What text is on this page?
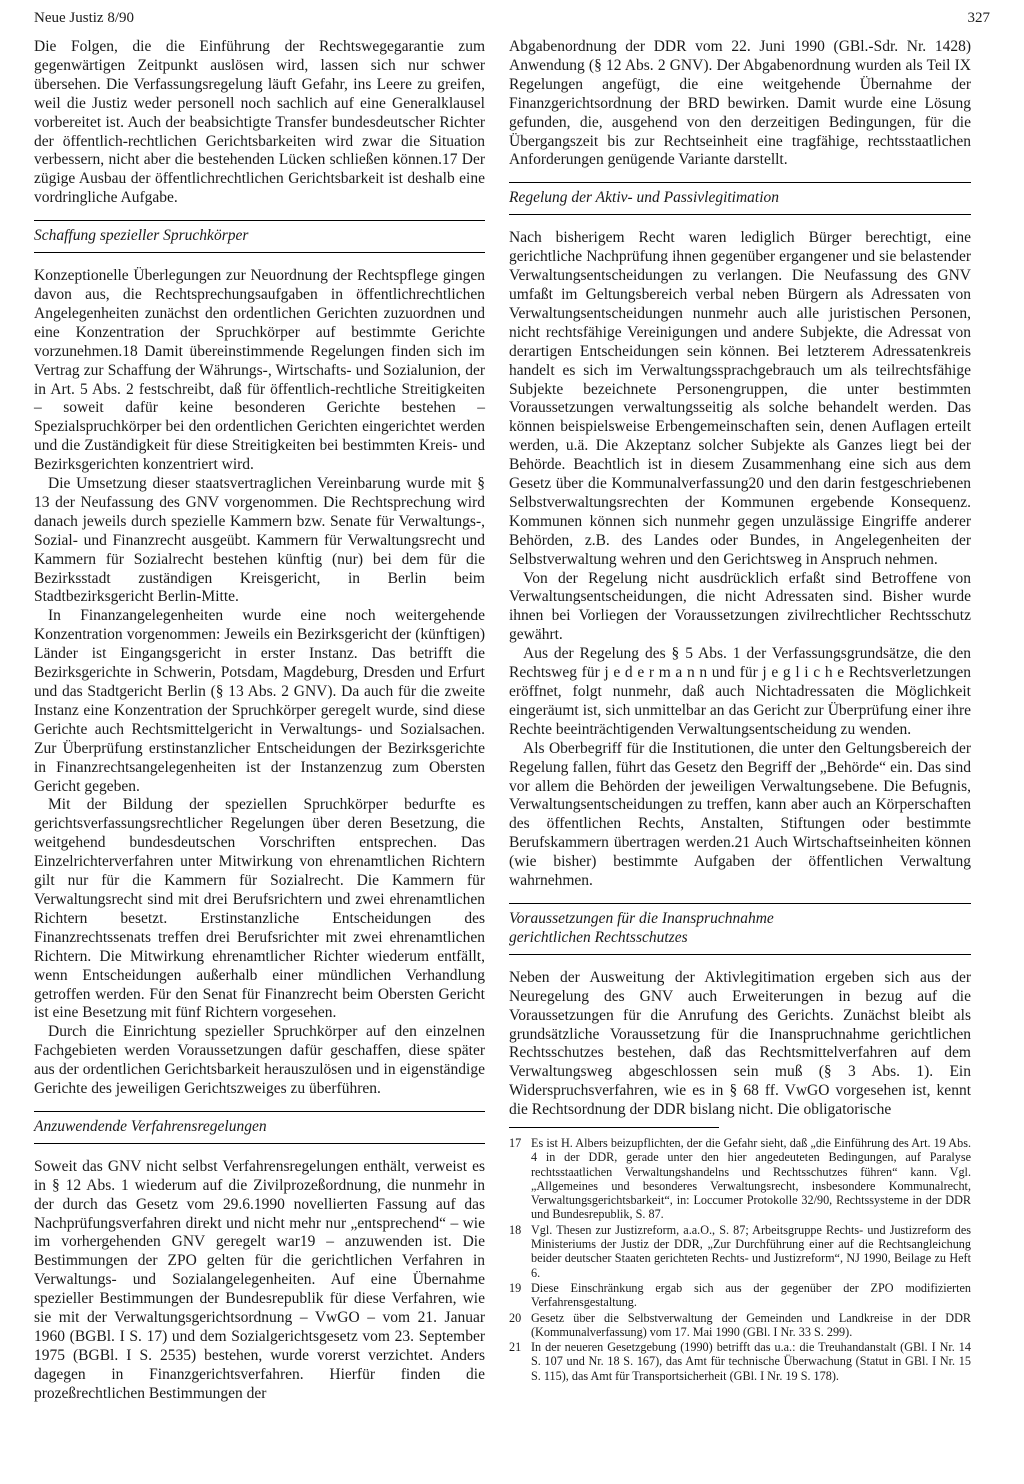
Neue Justiz 8/90	327

Die Folgen, die die Einführung der Rechtswegegarantie zum gegenwärtigen Zeitpunkt auslösen wird, lassen sich nur schwer übersehen. Die Verfassungsregelung läuft Gefahr, ins Leere zu greifen, weil die Justiz weder personell noch sachlich auf eine Generalklausel vorbereitet ist. Auch der beabsichtigte Transfer bundesdeutscher Richter der öffentlich-rechtlichen Gerichtsbarkeiten wird zwar die Situation verbessern, nicht aber die bestehenden Lücken schließen können.17 Der zügige Ausbau der öffentlichrechtlichen Gerichtsbarkeit ist deshalb eine vordringliche Aufgabe.

Schaffung spezieller Spruchkörper

Konzeptionelle Überlegungen zur Neuordnung der Rechtspflege gingen davon aus, die Rechtsprechungsaufgaben in öffentlichrechtlichen Angelegenheiten zunächst den ordentlichen Gerichten zuzuordnen und eine Konzentration der Spruchkörper auf bestimmte Gerichte vorzunehmen.18 Damit übereinstimmende Regelungen finden sich im Vertrag zur Schaffung der Währungs-, Wirtschafts- und Sozialunion, der in Art. 5 Abs. 2 festschreibt, daß für öffentlich-rechtliche Streitigkeiten – soweit dafür keine besonderen Gerichte bestehen – Spezialspruchkörper bei den ordentlichen Gerichten eingerichtet werden und die Zuständigkeit für diese Streitigkeiten bei bestimmten Kreis- und Bezirksgerichten konzentriert wird.

Die Umsetzung dieser staatsvertraglichen Vereinbarung wurde mit § 13 der Neufassung des GNV vorgenommen. Die Rechtsprechung wird danach jeweils durch spezielle Kammern bzw. Senate für Verwaltungs-, Sozial- und Finanzrecht ausgeübt. Kammern für Verwaltungsrecht und Kammern für Sozialrecht bestehen künftig (nur) bei dem für die Bezirksstadt zuständigen Kreisgericht, in Berlin beim Stadtbezirksgericht Berlin-Mitte.

In Finanzangelegenheiten wurde eine noch weitergehende Konzentration vorgenommen: Jeweils ein Bezirksgericht der (künftigen) Länder ist Eingangsgericht in erster Instanz. Das betrifft die Bezirksgerichte in Schwerin, Potsdam, Magdeburg, Dresden und Erfurt und das Stadtgericht Berlin (§ 13 Abs. 2 GNV). Da auch für die zweite Instanz eine Konzentration der Spruchkörper geregelt wurde, sind diese Gerichte auch Rechtsmittelgericht in Verwaltungs- und Sozialsachen. Zur Überprüfung erstinstanzlicher Entscheidungen der Bezirksgerichte in Finanzrechtsangelegenheiten ist der Instanzenzug zum Obersten Gericht gegeben.

Mit der Bildung der speziellen Spruchkörper bedurfte es gerichtsverfassungsrechtlicher Regelungen über deren Besetzung, die weitgehend bundesdeutschen Vorschriften entsprechen. Das Einzelrichterverfahren unter Mitwirkung von ehrenamtlichen Richtern gilt nur für die Kammern für Sozialrecht. Die Kammern für Verwaltungsrecht sind mit drei Berufsrichtern und zwei ehrenamtlichen Richtern besetzt. Erstinstanzliche Entscheidungen des Finanzrechtssenats treffen drei Berufsrichter mit zwei ehrenamtlichen Richtern. Die Mitwirkung ehrenamtlicher Richter wiederum entfällt, wenn Entscheidungen außerhalb einer mündlichen Verhandlung getroffen werden. Für den Senat für Finanzrecht beim Obersten Gericht ist eine Besetzung mit fünf Richtern vorgesehen.

Durch die Einrichtung spezieller Spruchkörper auf den einzelnen Fachgebieten werden Voraussetzungen dafür geschaffen, diese später aus der ordentlichen Gerichtsbarkeit herauszulösen und in eigenständige Gerichte des jeweiligen Gerichtszweiges zu überführen.

Anzuwendende Verfahrensregelungen

Soweit das GNV nicht selbst Verfahrensregelungen enthält, verweist es in § 12 Abs. 1 wiederum auf die Zivilprozeßordnung, die nunmehr in der durch das Gesetz vom 29.6.1990 novellierten Fassung auf das Nachprüfungsverfahren direkt und nicht mehr nur „entsprechend“ – wie im vorhergehenden GNV geregelt war19 – anzuwenden ist. Die Bestimmungen der ZPO gelten für die gerichtlichen Verfahren in Verwaltungs- und Sozialangelegenheiten. Auf eine Übernahme spezieller Bestimmungen der Bundesrepublik für diese Verfahren, wie sie mit der Verwaltungsgerichtsordnung – VwGO – vom 21. Januar 1960 (BGBl. I S. 17) und dem Sozialgerichtsgesetz vom 23. September 1975 (BGBl. I S. 2535) bestehen, wurde vorerst verzichtet. Anders dagegen in Finanzgerichtsverfahren. Hierfür finden die prozeßrechtlichen Bestimmungen der

Abgabenordnung der DDR vom 22. Juni 1990 (GBl.-Sdr. Nr. 1428) Anwendung (§ 12 Abs. 2 GNV). Der Abgabenordnung wurden als Teil IX Regelungen angefügt, die eine weitgehende Übernahme der Finanzgerichtsordnung der BRD bewirken. Damit wurde eine Lösung gefunden, die, ausgehend von den derzeitigen Bedingungen, für die Übergangszeit bis zur Rechtseinheit eine tragfähige, rechtsstaatlichen Anforderungen genügende Variante darstellt.

Regelung der Aktiv- und Passivlegitimation

Nach bisherigem Recht waren lediglich Bürger berechtigt, eine gerichtliche Nachprüfung ihnen gegenüber ergangener und sie belastender Verwaltungsentscheidungen zu verlangen. Die Neufassung des GNV umfaßt im Geltungsbereich verbal neben Bürgern als Adressaten von Verwaltungsentscheidungen nunmehr auch alle juristischen Personen, nicht rechtsfähige Vereinigungen und andere Subjekte, die Adressat von derartigen Entscheidungen sein können. Bei letzterem Adressatenkreis handelt es sich im Verwaltungssprachgebrauch um als teilrechtsfähige Subjekte bezeichnete Personengruppen, die unter bestimmten Voraussetzungen verwaltungsseitig als solche behandelt werden. Das können beispielsweise Erbengemeinschaften sein, denen Auflagen erteilt werden, u.ä. Die Akzeptanz solcher Subjekte als Ganzes liegt bei der Behörde. Beachtlich ist in diesem Zusammenhang eine sich aus dem Gesetz über die Kommunalverfassung20 und den darin festgeschriebenen Selbstverwaltungsrechten der Kommunen ergebende Konsequenz. Kommunen können sich nunmehr gegen unzulässige Eingriffe anderer Behörden, z.B. des Landes oder Bundes, in Angelegenheiten der Selbstverwaltung wehren und den Gerichtsweg in Anspruch nehmen.

Von der Regelung nicht ausdrücklich erfaßt sind Betroffene von Verwaltungsentscheidungen, die nicht Adressaten sind. Bisher wurde ihnen bei Vorliegen der Voraussetzungen zivilrechtlicher Rechtsschutz gewährt.

Aus der Regelung des § 5 Abs. 1 der Verfassungsgrundsätze, die den Rechtsweg für j e d e r m a n n und für j e g l i c h e Rechtsverletzungen eröffnet, folgt nunmehr, daß auch Nichtadressaten die Möglichkeit eingeräumt ist, sich unmittelbar an das Gericht zur Überprüfung einer ihre Rechte beeinträchtigenden Verwaltungsentscheidung zu wenden.

Als Oberbegriff für die Institutionen, die unter den Geltungsbereich der Regelung fallen, führt das Gesetz den Begriff der „Behörde“ ein. Das sind vor allem die Behörden der jeweiligen Verwaltungsebene. Die Befugnis, Verwaltungsentscheidungen zu treffen, kann aber auch an Körperschaften des öffentlichen Rechts, Anstalten, Stiftungen oder bestimmte Berufskammern übertragen werden.21 Auch Wirtschaftseinheiten können (wie bisher) bestimmte Aufgaben der öffentlichen Verwaltung wahrnehmen.

Voraussetzungen für die Inanspruchnahme
gerichtlichen Rechtsschutzes

Neben der Ausweitung der Aktivlegitimation ergeben sich aus der Neuregelung des GNV auch Erweiterungen in bezug auf die Voraussetzungen für die Anrufung des Gerichts. Zunächst bleibt als grundsätzliche Voraussetzung für die Inanspruchnahme gerichtlichen Rechtsschutzes bestehen, daß das Rechtsmittelverfahren auf dem Verwaltungsweg abgeschlossen sein muß (§ 3 Abs. 1). Ein Widerspruchsverfahren, wie es in § 68 ff. VwGO vorgesehen ist, kennt die Rechtsordnung der DDR bislang nicht. Die obligatorische

17 Es ist H. Albers beizupflichten, der die Gefahr sieht, daß „die Einführung des Art. 19 Abs. 4 in der DDR, gerade unter den hier angedeuteten Bedingungen, auf Paralyse rechtsstaatlichen Verwaltungshandelns und Rechtsschutzes führen“ kann. Vgl. „Allgemeines und besonderes Verwaltungsrecht, insbesondere Kommunalrecht, Verwaltungsgerichtsbarkeit“, in: Loccumer Protokolle 32/90, Rechtssysteme in der DDR und Bundesrepublik, S. 87.
18 Vgl. Thesen zur Justizreform, a.a.O., S. 87; Arbeitsgruppe Rechts- und Justizreform des Ministeriums der Justiz der DDR, „Zur Durchführung einer auf die Rechtsangleichung beider deutscher Staaten gerichteten Rechts- und Justizreform“, NJ 1990, Beilage zu Heft 6.
19 Diese Einschränkung ergab sich aus der gegenüber der ZPO modifizierten Verfahrensgestaltung.
20 Gesetz über die Selbstverwaltung der Gemeinden und Landkreise in der DDR (Kommunalverfassung) vom 17. Mai 1990 (GBl. I Nr. 33 S. 299).
21 In der neueren Gesetzgebung (1990) betrifft das u.a.: die Treuhandanstalt (GBl. I Nr. 14 S. 107 und Nr. 18 S. 167), das Amt für technische Überwachung (Statut in GBl. I Nr. 15 S. 115), das Amt für Transportsicherheit (GBl. I Nr. 19 S. 178).
